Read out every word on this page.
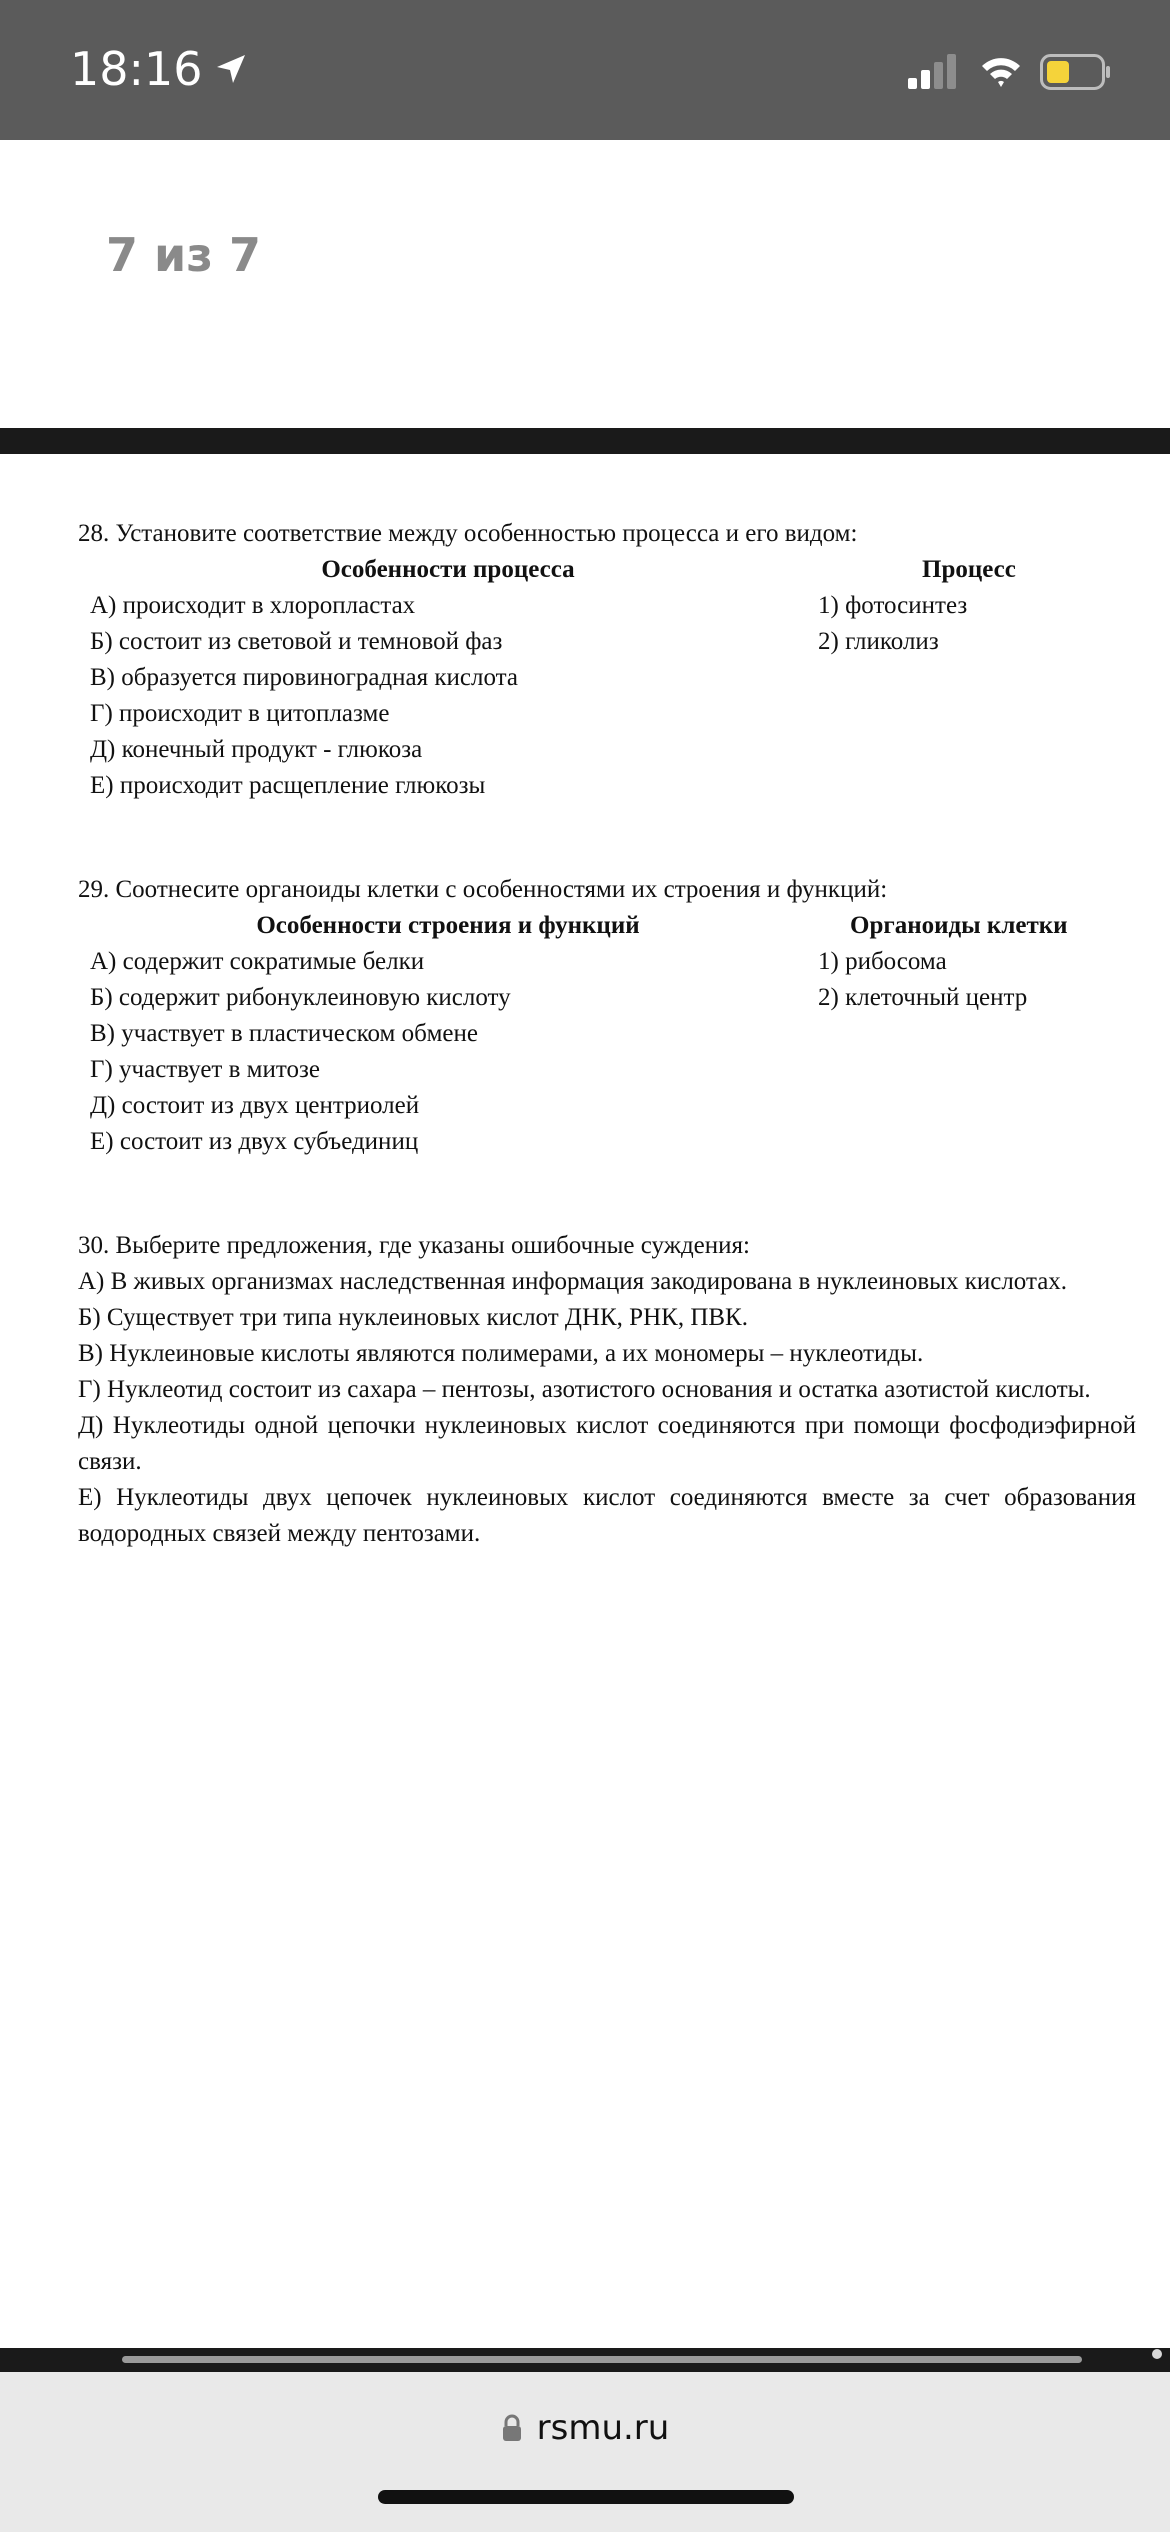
18:16
7 из 7

28. Установите соответствие между особенностью процесса и его видом:

Особенности процесса	Процесс
А) происходит в хлоропластах
Б) состоит из световой и темновой фаз
В) образуется пировиноградная кислота
Г) происходит в цитоплазме
Д) конечный продукт - глюкоза
Е) происходит расщепление глюкозы
1) фотосинтез
2) гликолиз

29. Соотнесите органоиды клетки с особенностями их строения и функций:

Особенности строения и функций	Органоиды клетки
А) содержит сократимые белки
Б) содержит рибонуклеиновую кислоту
В) участвует в пластическом обмене
Г) участвует в митозе
Д) состоит из двух центриолей
Е) состоит из двух субъединиц
1) рибосома
2) клеточный центр

30. Выберите предложения, где указаны ошибочные суждения:

А) В живых организмах наследственная информация закодирована в нуклеиновых кислотах.

Б) Существует три типа нуклеиновых кислот ДНК, РНК, ПВК.

В) Нуклеиновые кислоты являются полимерами, а их мономеры – нуклеотиды.

Г) Нуклеотид состоит из сахара – пентозы, азотистого основания и остатка азотистой кислоты.

Д) Нуклеотиды одной цепочки нуклеиновых кислот соединяются при помощи фосфодиэфирной связи.

Е) Нуклеотиды двух цепочек нуклеиновых кислот соединяются вместе за счет образования водородных связей между пентозами.

rsmu.ru
